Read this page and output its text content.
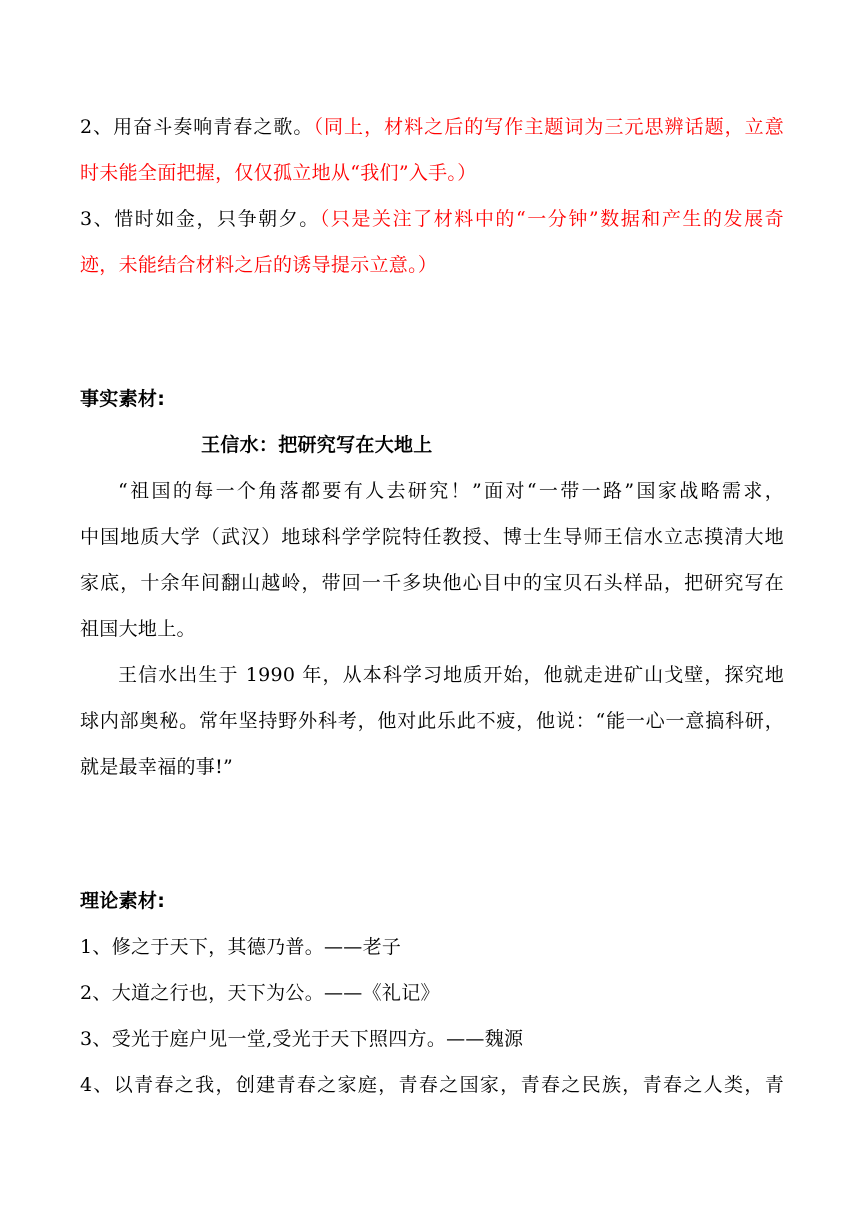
2、用奋斗奏响青春之歌。（同上，材料之后的写作主题词为三元思辨话题，立意
时未能全面把握，仅仅孤立地从“我们”入手。）
3、惜时如金，只争朝夕。（只是关注了材料中的“一分钟”数据和产生的发展奇
迹，未能结合材料之后的诱导提示立意。）
事实素材:
王信水：把研究写在大地上
“祖国的每一个角落都要有人去研究！”面对“一带一路”国家战略需求，
中国地质大学（武汉）地球科学学院特任教授、博士生导师王信水立志摸清大地
家底，十余年间翻山越岭，带回一千多块他心目中的宝贝石头样品，把研究写在
祖国大地上。
王信水出生于 1990 年，从本科学习地质开始，他就走进矿山戈壁，探究地
球内部奥秘。常年坚持野外科考，他对此乐此不疲，他说：“能一心一意搞科研，
就是最幸福的事!”
理论素材:
1、修之于天下，其德乃普。——老子
2、大道之行也，天下为公。——《礼记》
3、受光于庭户见一堂,受光于天下照四方。——魏源
4、以青春之我，创建青春之家庭，青春之国家，青春之民族，青春之人类，青
